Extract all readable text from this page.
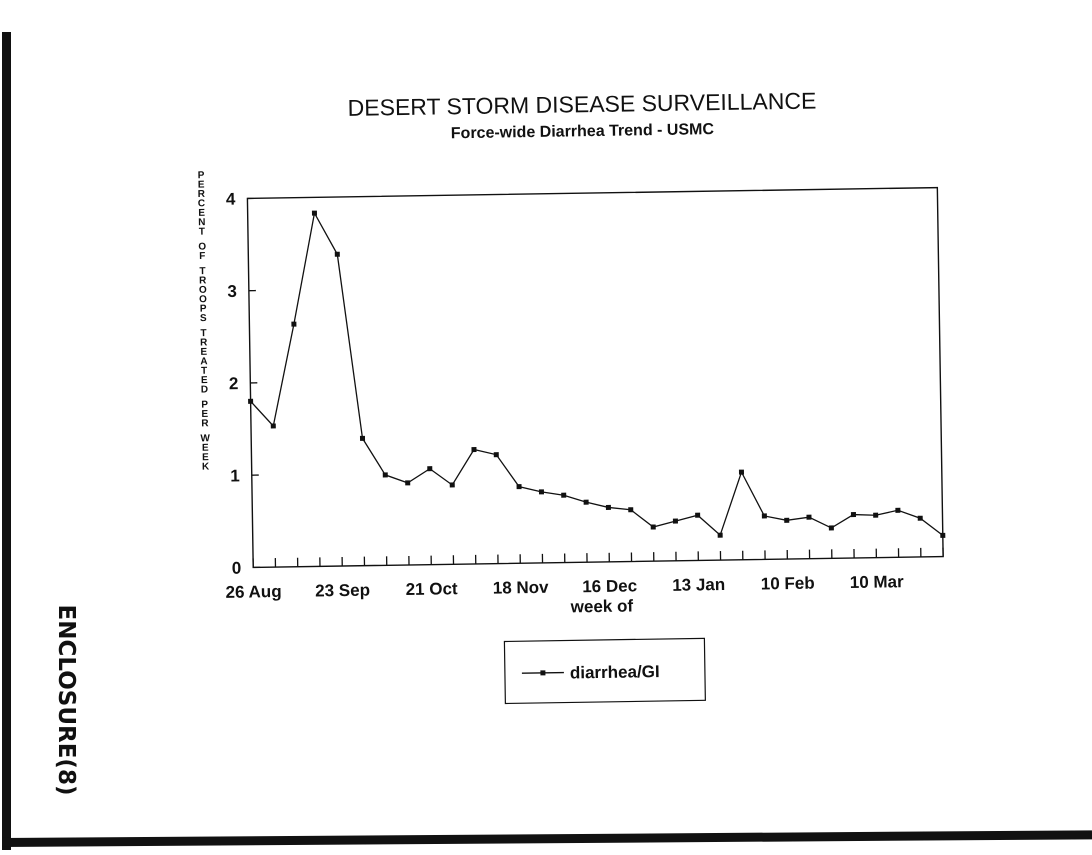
ENCLOSURE(8)
DESERT STORM DISEASE SURVEILLANCE
Force-wide Diarrhea Trend - USMC
P
E
R
C
E
N
T
O
F
T
R
O
O
P
S
T
R
E
A
T
E
D
P
E
R
W
E
E
K
0
1
2
3
4
26 Aug 23 Sep 21 Oct 18 Nov 16 Dec 13 Jan 10 Feb 10 Mar
week of
diarrhea/GI
